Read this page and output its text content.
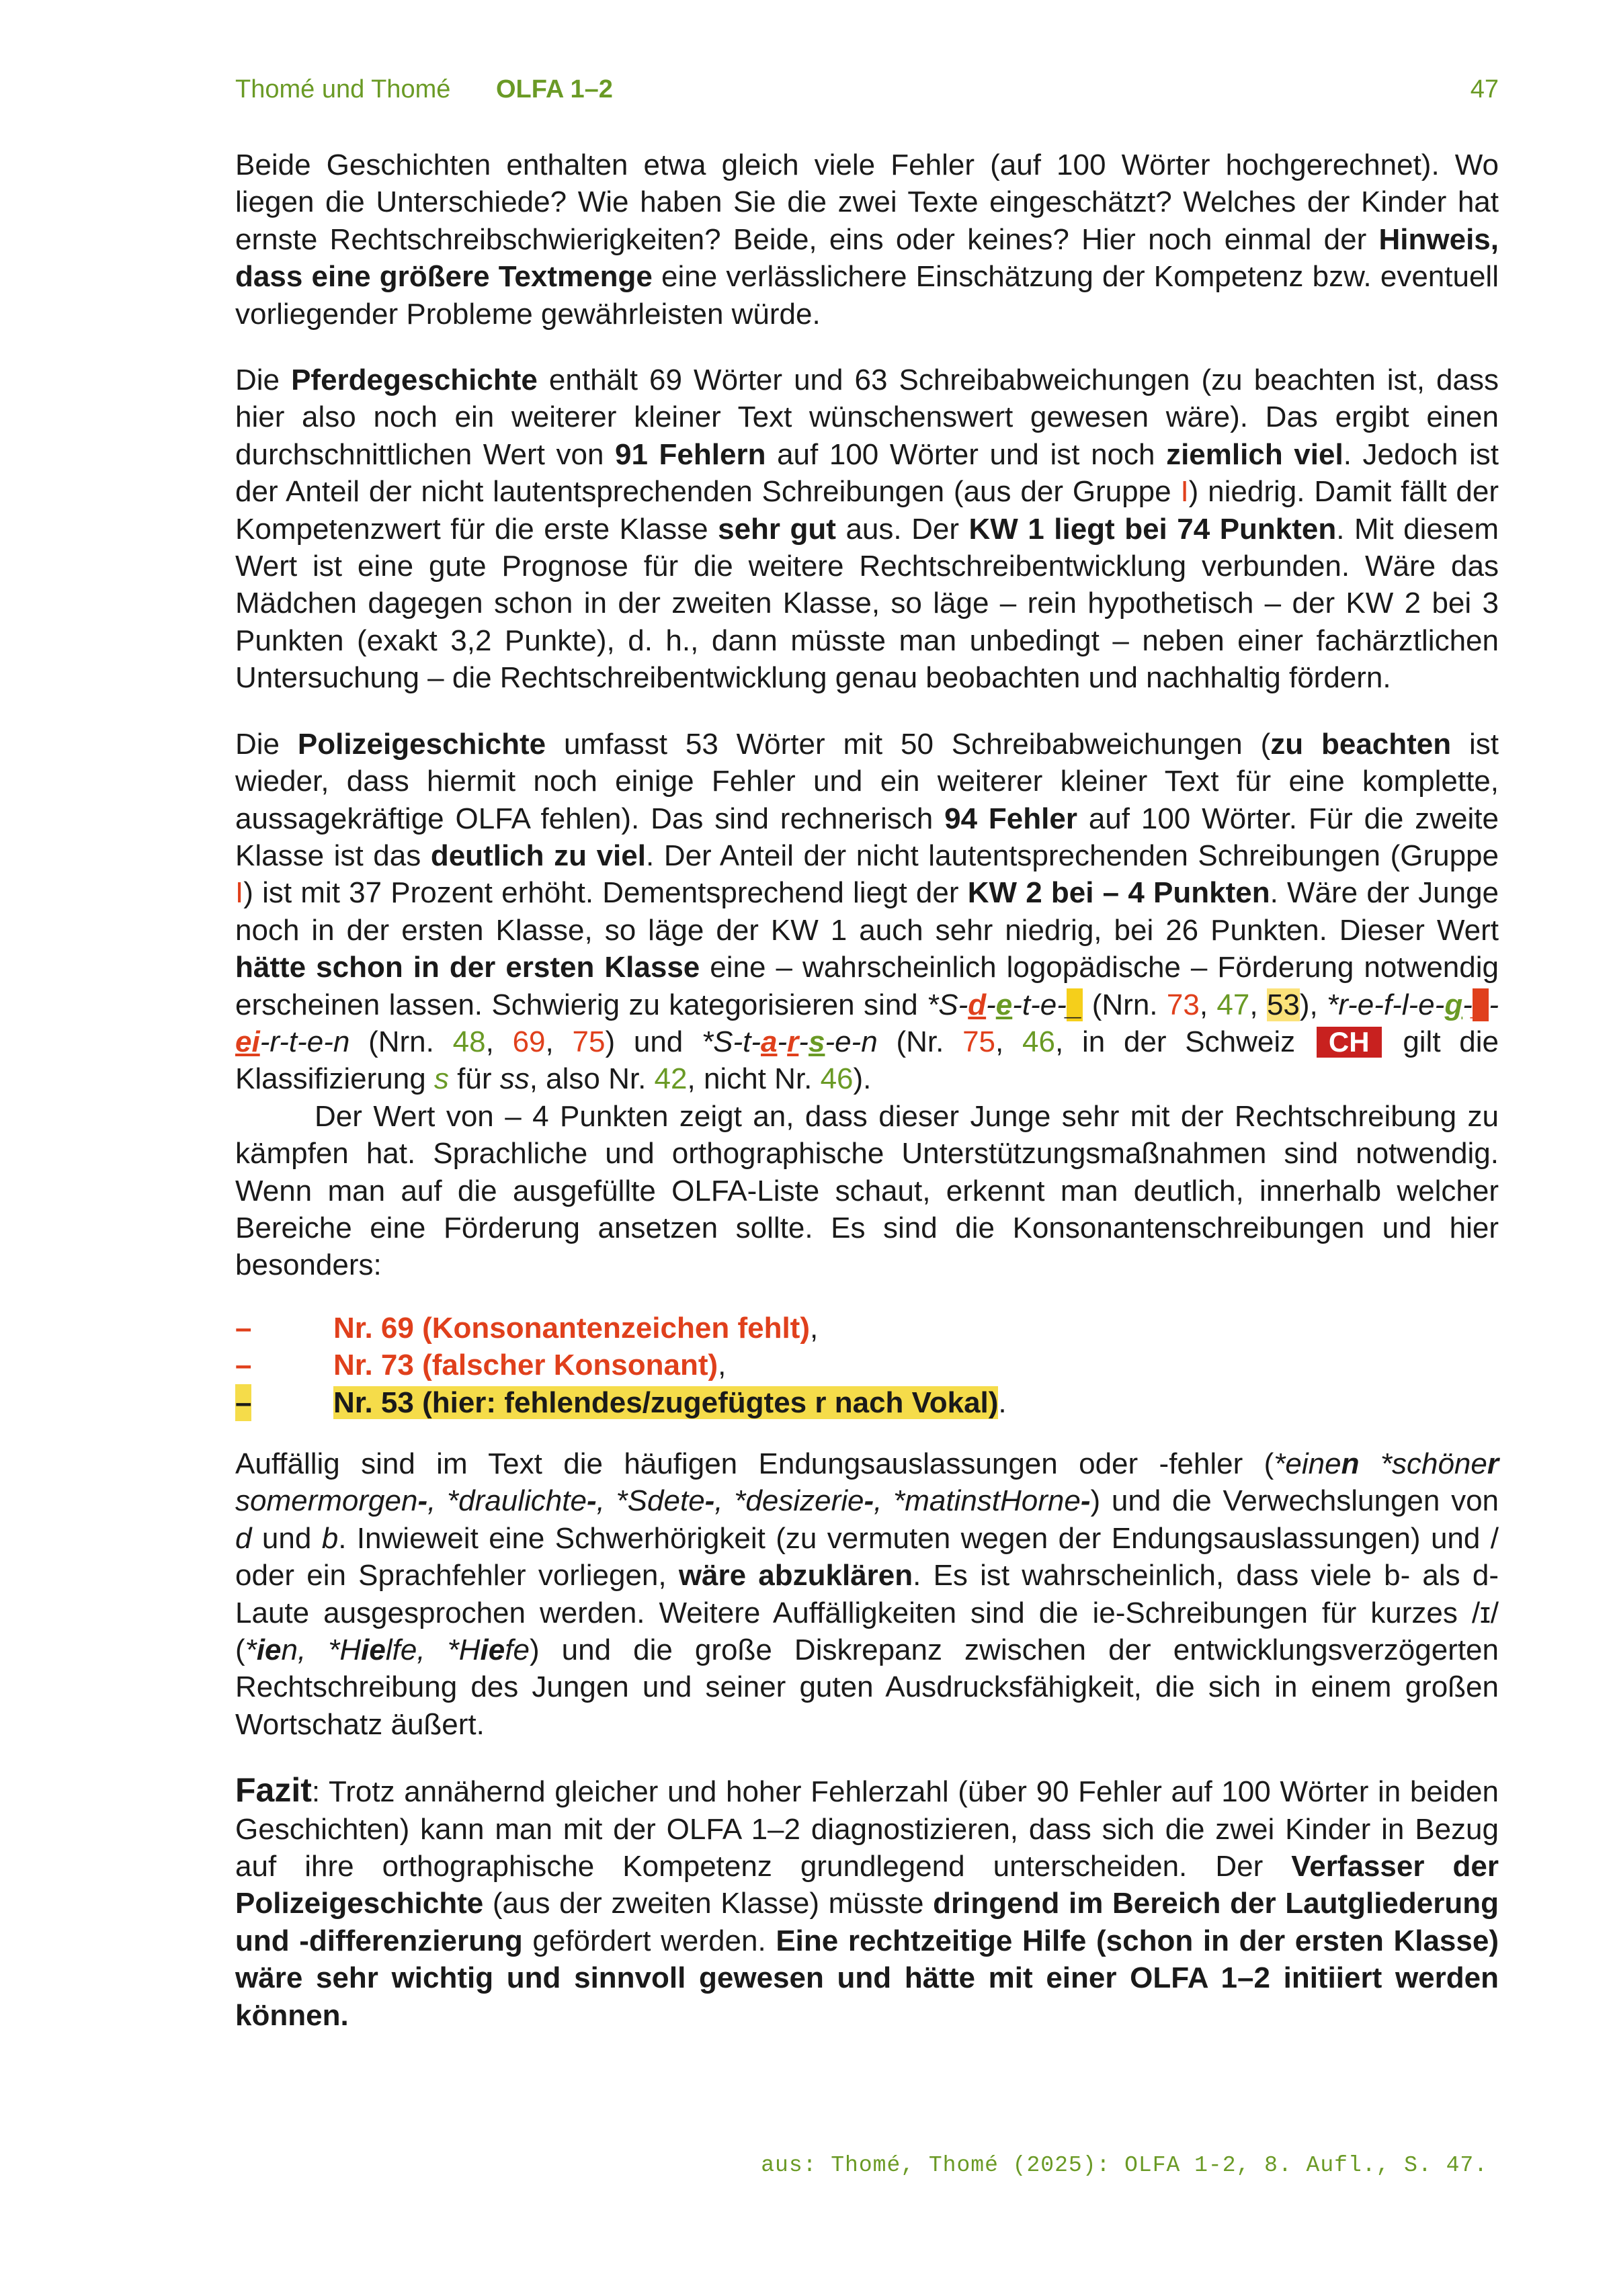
Thomé und Thomé OLFA 1–2	47

Beide Geschichten enthalten etwa gleich viele Fehler (auf 100 Wörter hochgerechnet). Wo liegen die Unterschiede? Wie haben Sie die zwei Texte eingeschätzt? Welches der Kinder hat ernste Rechtschreibschwierigkeiten? Beide, eins oder keines? Hier noch einmal der Hinweis, dass eine größere Textmenge eine verlässlichere Einschätzung der Kompetenz bzw. eventuell vorliegender Probleme gewährleisten würde.

Die Pferdegeschichte enthält 69 Wörter und 63 Schreibabweichungen (zu beachten ist, dass hier also noch ein weiterer kleiner Text wünschenswert gewesen wäre). Das ergibt einen durchschnittlichen Wert von 91 Fehlern auf 100 Wörter und ist noch ziemlich viel. Jedoch ist der Anteil der nicht lautentsprechenden Schreibungen (aus der Gruppe I) niedrig. Damit fällt der Kompetenzwert für die erste Klasse sehr gut aus. Der KW 1 liegt bei 74 Punkten. Mit diesem Wert ist eine gute Prognose für die weitere Rechtschreibentwicklung verbunden. Wäre das Mädchen dagegen schon in der zweiten Klasse, so läge – rein hypothetisch – der KW 2 bei 3 Punkten (exakt 3,2 Punkte), d. h., dann müsste man unbedingt – neben einer fachärztlichen Untersuchung – die Rechtschreibentwicklung genau beobachten und nachhaltig fördern.

Die Polizeigeschichte umfasst 53 Wörter mit 50 Schreibabweichungen (zu beachten ist wieder, dass hiermit noch einige Fehler und ein weiterer kleiner Text für eine komplette, aussagekräftige OLFA fehlen). Das sind rechnerisch 94 Fehler auf 100 Wörter. Für die zweite Klasse ist das deutlich zu viel. Der Anteil der nicht lautentsprechenden Schreibungen (Gruppe I) ist mit 37 Prozent erhöht. Dementsprechend liegt der KW 2 bei – 4 Punkten. Wäre der Junge noch in der ersten Klasse, so läge der KW 1 auch sehr niedrig, bei 26 Punkten. Dieser Wert hätte schon in der ersten Klasse eine – wahrscheinlich logopädische – Förderung notwendig erscheinen lassen. Schwierig zu kategorisieren sind *S-d-e-t-e-_ (Nrn. 73, 47, 53), *r-e-f-l-e-g-_-ei-r-t-e-n (Nrn. 48, 69, 75) und *S-t-a-r-s-e-n (Nr. 75, 46, in der Schweiz CH gilt die Klassifizierung s für ss, also Nr. 42, nicht Nr. 46).

Der Wert von – 4 Punkten zeigt an, dass dieser Junge sehr mit der Rechtschreibung zu kämpfen hat. Sprachliche und orthographische Unterstützungsmaßnahmen sind notwendig. Wenn man auf die ausgefüllte OLFA-Liste schaut, erkennt man deutlich, innerhalb welcher Bereiche eine Förderung ansetzen sollte. Es sind die Konsonantenschreibungen und hier besonders:

–	Nr. 69 (Konsonantenzeichen fehlt),
–	Nr. 73 (falscher Konsonant),
–	Nr. 53 (hier: fehlendes/zugefügtes r nach Vokal).

Auffällig sind im Text die häufigen Endungsauslassungen oder -fehler (*einen *schöner somermorgen-, *draulichte-, *Sdete-, *desizerie-, *matinstHorne-) und die Verwechslungen von d und b. Inwieweit eine Schwerhörigkeit (zu vermuten wegen der Endungsauslassungen) und / oder ein Sprachfehler vorliegen, wäre abzuklären. Es ist wahrscheinlich, dass viele b- als d-Laute ausgesprochen werden. Weitere Auffälligkeiten sind die ie-Schreibungen für kurzes /ɪ/ (*ien, *Hielfe, *Hiefe) und die große Diskrepanz zwischen der entwicklungsverzögerten Rechtschreibung des Jungen und seiner guten Ausdrucksfähigkeit, die sich in einem großen Wortschatz äußert.

Fazit: Trotz annähernd gleicher und hoher Fehlerzahl (über 90 Fehler auf 100 Wörter in beiden Geschichten) kann man mit der OLFA 1–2 diagnostizieren, dass sich die zwei Kinder in Bezug auf ihre orthographische Kompetenz grundlegend unterscheiden. Der Verfasser der Polizeigeschichte (aus der zweiten Klasse) müsste dringend im Bereich der Lautgliederung und -differenzierung gefördert werden. Eine rechtzeitige Hilfe (schon in der ersten Klasse) wäre sehr wichtig und sinnvoll gewesen und hätte mit einer OLFA 1–2 initiiert werden können.

aus: Thomé, Thomé (2025): OLFA 1-2, 8. Aufl., S. 47.
